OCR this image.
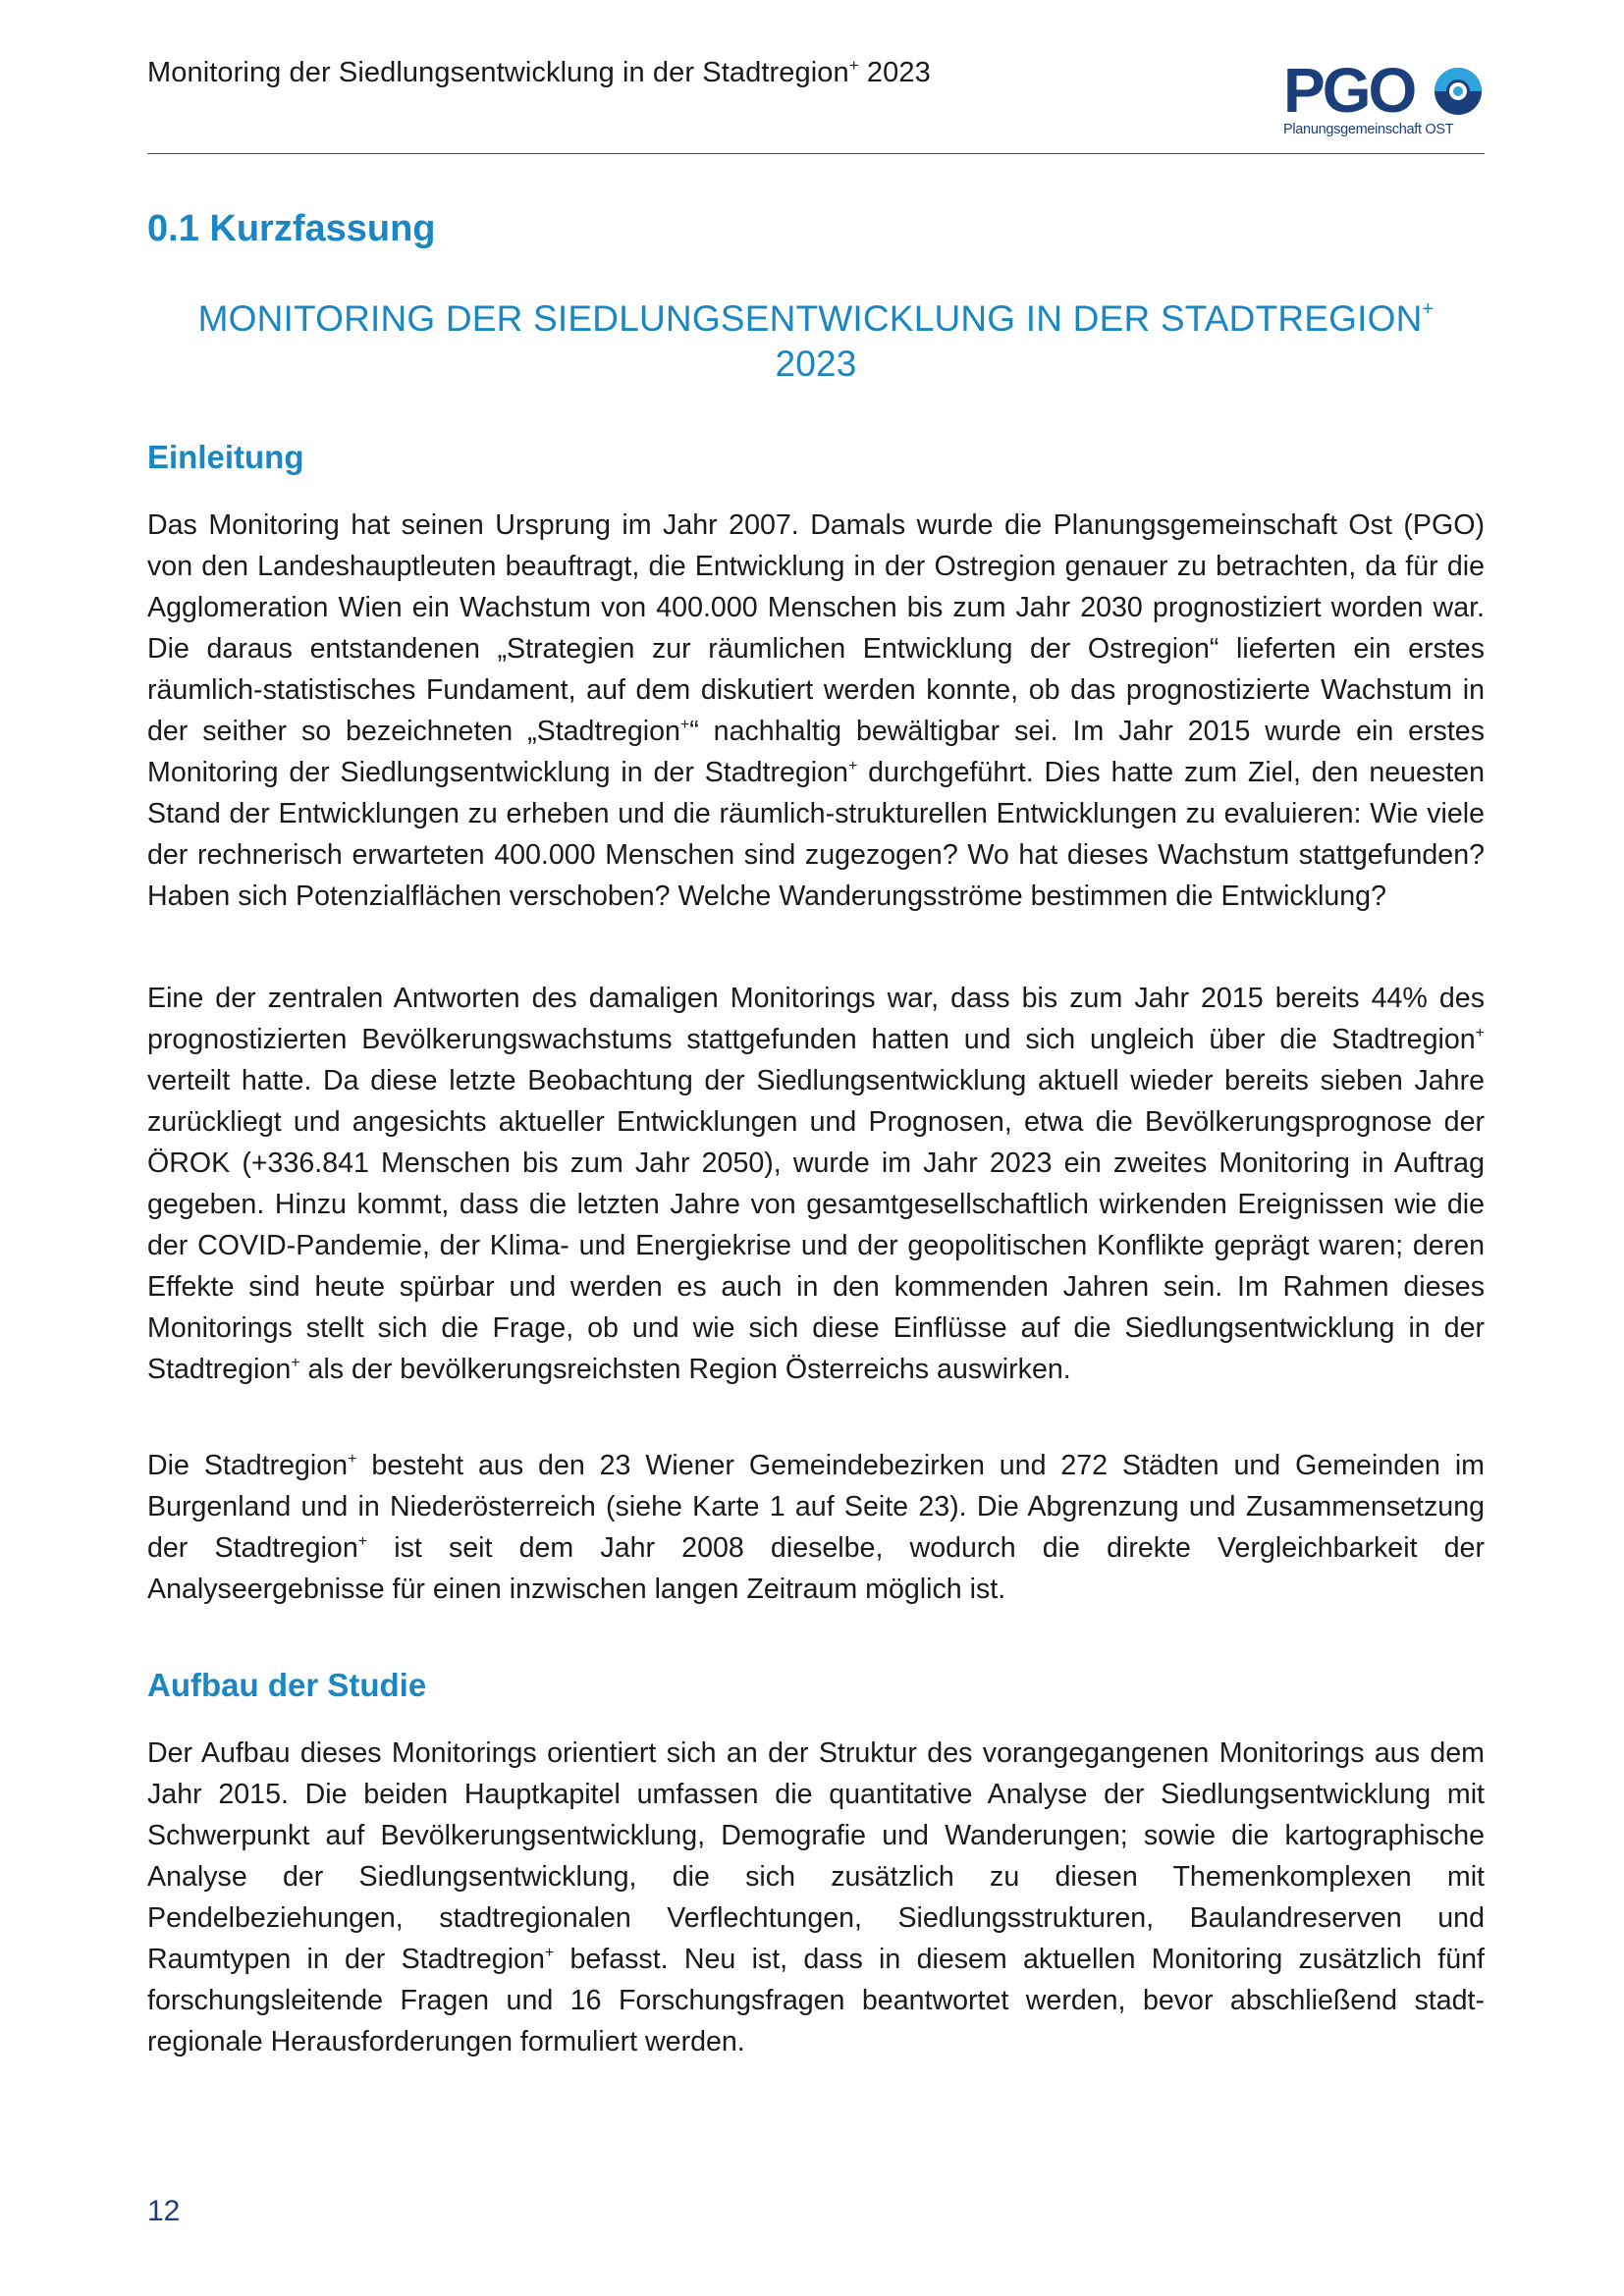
Monitoring der Siedlungsentwicklung in der Stadtregion+ 2023	PGO
Planungsgemeinschaft OST
0.1 Kurzfassung
MONITORING DER SIEDLUNGSENTWICKLUNG IN DER STADTREGION+
2023
Einleitung
Das Monitoring hat seinen Ursprung im Jahr 2007. Damals wurde die Planungsgemeinschaft Ost (PGO) von den Landeshauptleuten beauftragt, die Entwicklung in der Ostregion genauer zu betrachten, da für die Agglomeration Wien ein Wachstum von 400.000 Menschen bis zum Jahr 2030 prognostiziert worden war. Die daraus entstandenen „Strategien zur räumlichen Entwicklung der Ostregion“ lieferten ein erstes räumlich-statistisches Fundament, auf dem diskutiert werden konnte, ob das prognostizierte Wachstum in der seither so bezeichneten „Stadtregion+“ nachhaltig bewältigbar sei. Im Jahr 2015 wurde ein erstes Monitoring der Siedlungsentwicklung in der Stadtregion+ durchgeführt. Dies hatte zum Ziel, den neuesten Stand der Entwicklungen zu erheben und die räumlich-strukturellen Entwicklungen zu evaluieren: Wie viele der rechnerisch erwarteten 400.000 Menschen sind zugezogen? Wo hat dieses Wachstum stattgefunden? Haben sich Potenzialflächen verschoben? Welche Wanderungsströme bestimmen die Entwicklung?
Eine der zentralen Antworten des damaligen Monitorings war, dass bis zum Jahr 2015 bereits 44% des prognostizierten Bevölkerungswachstums stattgefunden hatten und sich ungleich über die Stadtregion+ verteilt hatte. Da diese letzte Beobachtung der Siedlungsentwicklung aktuell wieder bereits sieben Jahre zurückliegt und angesichts aktueller Entwicklungen und Prognosen, etwa die Bevölkerungsprognose der ÖROK (+336.841 Menschen bis zum Jahr 2050), wurde im Jahr 2023 ein zweites Monitoring in Auftrag gegeben. Hinzu kommt, dass die letzten Jahre von gesamtgesellschaftlich wirkenden Ereignissen wie die der COVID-Pandemie, der Klima- und Energiekrise und der geopolitischen Konflikte geprägt waren; deren Effekte sind heute spürbar und werden es auch in den kommenden Jahren sein. Im Rahmen dieses Monitorings stellt sich die Frage, ob und wie sich diese Einflüsse auf die Siedlungsentwicklung in der Stadtregion+ als der bevölkerungsreichsten Region Österreichs auswirken.
Die Stadtregion+ besteht aus den 23 Wiener Gemeindebezirken und 272 Städten und Gemeinden im Burgenland und in Niederösterreich (siehe Karte 1 auf Seite 23). Die Abgrenzung und Zusammensetzung der Stadtregion+ ist seit dem Jahr 2008 dieselbe, wodurch die direkte Vergleichbarkeit der Analyseergebnisse für einen inzwischen langen Zeitraum möglich ist.
Aufbau der Studie
Der Aufbau dieses Monitorings orientiert sich an der Struktur des vorangegangenen Monitorings aus dem Jahr 2015. Die beiden Hauptkapitel umfassen die quantitative Analyse der Siedlungsentwicklung mit Schwerpunkt auf Bevölkerungsentwicklung, Demografie und Wanderungen; sowie die kartographische Analyse der Siedlungsentwicklung, die sich zusätzlich zu diesen Themenkomplexen mit Pendelbeziehungen, stadtregionalen Verflechtungen, Siedlungsstrukturen, Baulandreserven und Raumtypen in der Stadtregion+ befasst. Neu ist, dass in diesem aktuellen Monitoring zusätzlich fünf forschungsleitende Fragen und 16 Forschungsfragen beantwortet werden, bevor abschließend stadtregionale Herausforderungen formuliert werden.
12
